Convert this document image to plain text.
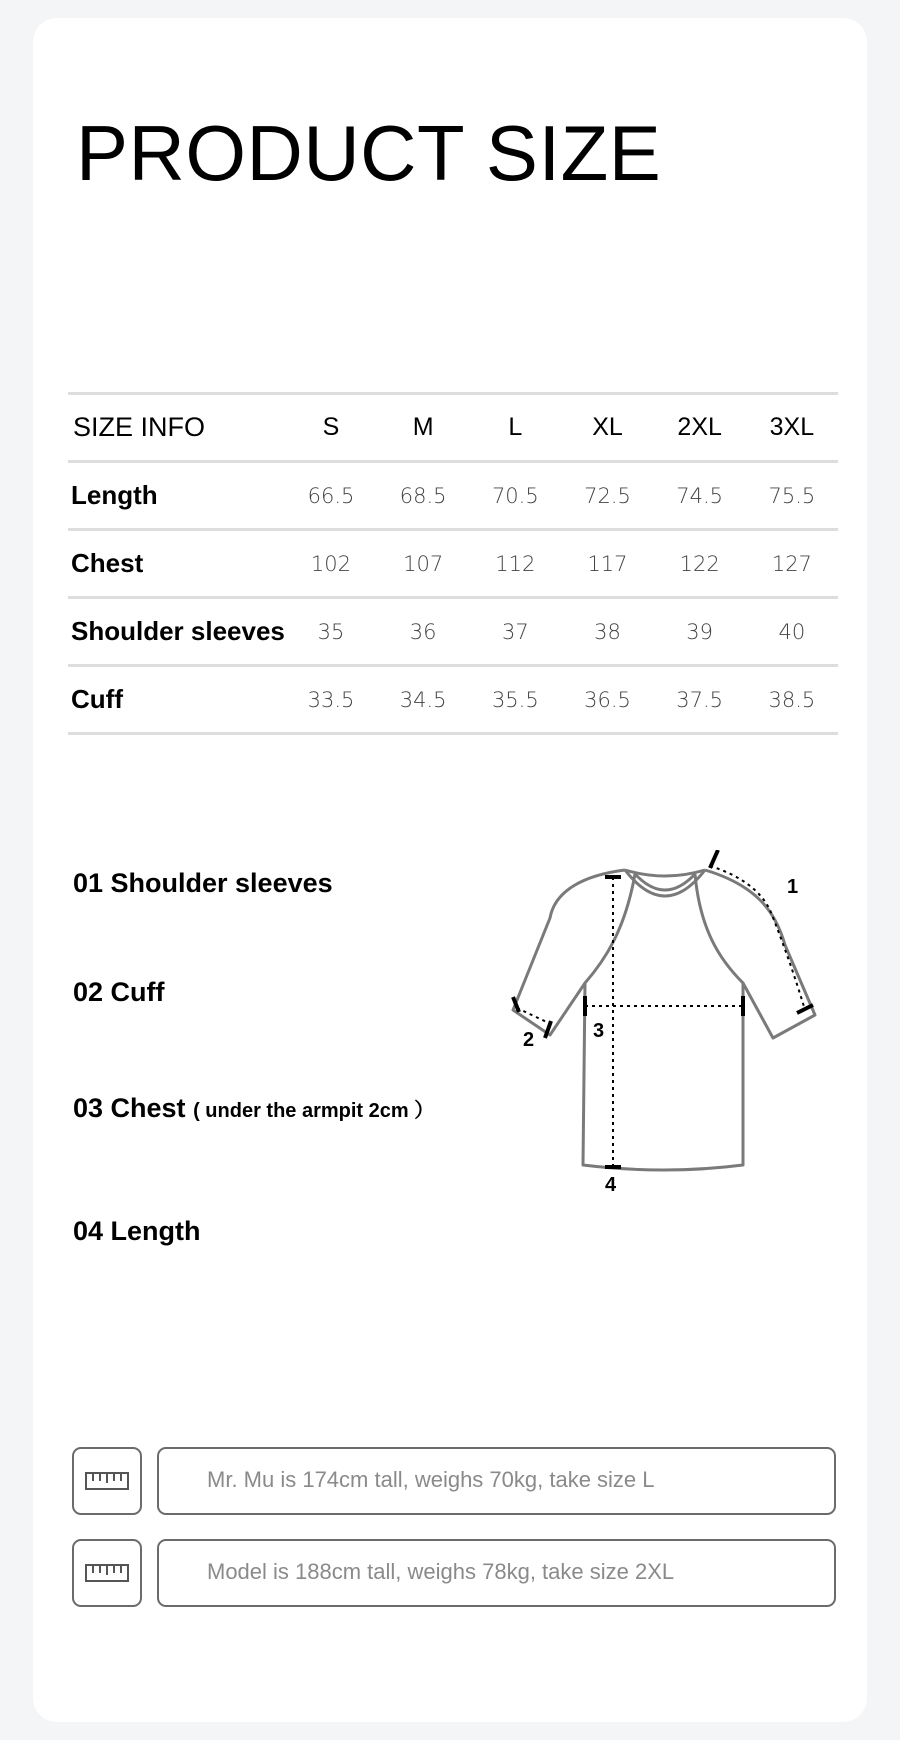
PRODUCT SIZE
SIZE INFO	S	M	L	XL	2XL	3XL
Length	66.5	68.5	70.5	72.5	74.5	75.5
Chest	102	107	112	117	122	127
Shoulder sleeves	35	36	37	38	39	40
Cuff	33.5	34.5	35.5	36.5	37.5	38.5
01 Shoulder sleeves
02 Cuff
03 Chest ( under the armpit 2cm ）
04 Length
1
2	3
4
Mr. Mu is 174cm tall, weighs 70kg, take size L
Model is 188cm tall, weighs 78kg, take size 2XL
